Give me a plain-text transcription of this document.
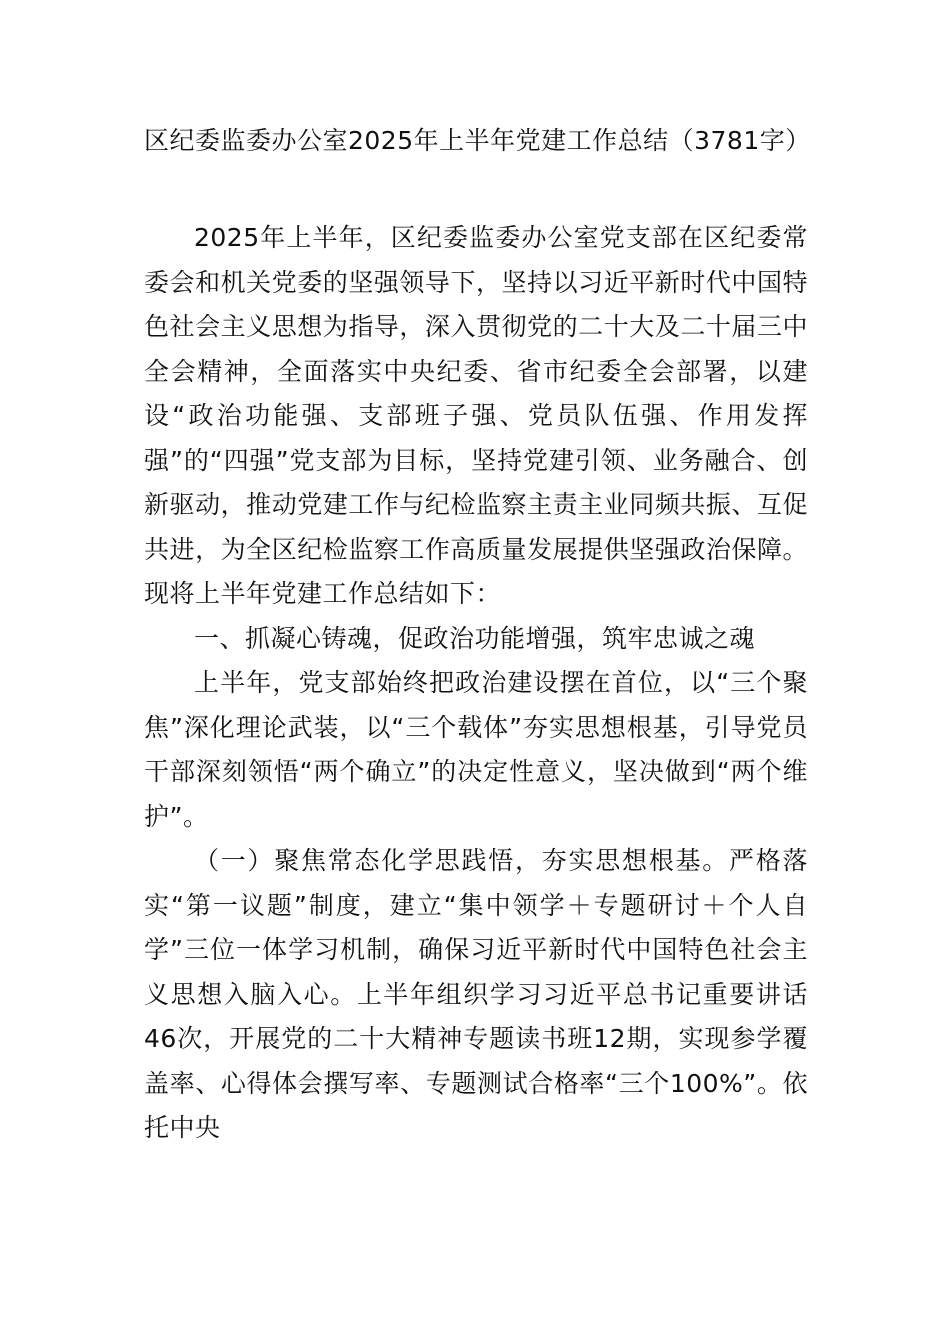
区纪委监委办公室2025年上半年党建工作总结（3781字）

2025年上半年，区纪委监委办公室党支部在区纪委常委会和机关党委的坚强领导下，坚持以习近平新时代中国特色社会主义思想为指导，深入贯彻党的二十大及二十届三中全会精神，全面落实中央纪委、省市纪委全会部署，以建设“政治功能强、支部班子强、党员队伍强、作用发挥强”的“四强”党支部为目标，坚持党建引领、业务融合、创新驱动，推动党建工作与纪检监察主责主业同频共振、互促共进，为全区纪检监察工作高质量发展提供坚强政治保障。现将上半年党建工作总结如下：

一、抓凝心铸魂，促政治功能增强，筑牢忠诚之魂

上半年，党支部始终把政治建设摆在首位，以“三个聚焦”深化理论武装，以“三个载体”夯实思想根基，引导党员干部深刻领悟“两个确立”的决定性意义，坚决做到“两个维护”。

（一）聚焦常态化学思践悟，夯实思想根基。严格落实“第一议题”制度，建立“集中领学＋专题研讨＋个人自学”三位一体学习机制，确保习近平新时代中国特色社会主义思想入脑入心。上半年组织学习习近平总书记重要讲话46次，开展党的二十大精神专题读书班12期，实现参学覆盖率、心得体会撰写率、专题测试合格率“三个100%”。依托中央
